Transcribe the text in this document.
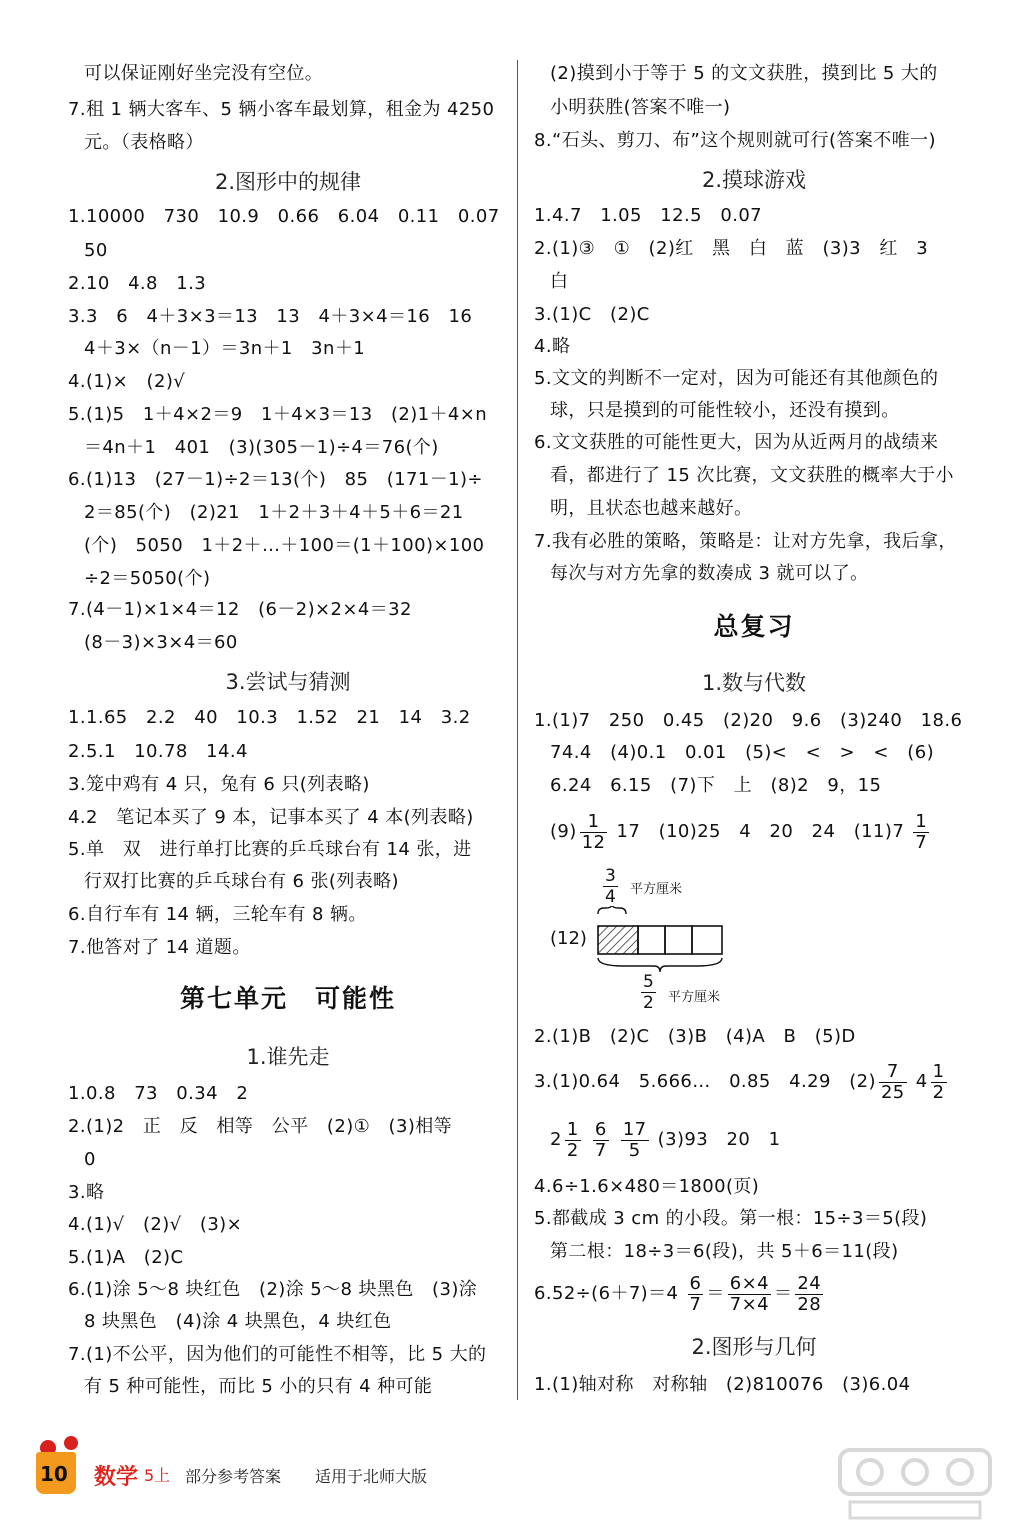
可以保证刚好坐完没有空位。
7.租 1 辆大客车、5 辆小客车最划算，租金为 4250
元。（表格略）
2.图形中的规律
1.10000　730　10.9　0.66　6.04　0.11　0.07
50
2.10　4.8　1.3
3.3　6　4＋3×3＝13　13　4＋3×4＝16　16
4＋3×（n－1）＝3n＋1　3n＋1
4.(1)×　(2)√
5.(1)5　1＋4×2＝9　1＋4×3＝13　(2)1＋4×n
＝4n＋1　401　(3)(305－1)÷4＝76(个)
6.(1)13　(27－1)÷2＝13(个)　85　(171－1)÷
2＝85(个)　(2)21　1＋2＋3＋4＋5＋6＝21
(个)　5050　1＋2＋…＋100＝(1＋100)×100
÷2＝5050(个)
7.(4－1)×1×4＝12　(6－2)×2×4＝32
(8－3)×3×4＝60
3.尝试与猜测
1.1.65　2.2　40　10.3　1.52　21　14　3.2
2.5.1　10.78　14.4
3.笼中鸡有 4 只，兔有 6 只(列表略)
4.2　笔记本买了 9 本，记事本买了 4 本(列表略)
5.单　双　进行单打比赛的乒乓球台有 14 张，进
行双打比赛的乒乓球台有 6 张(列表略)
6.自行车有 14 辆，三轮车有 8 辆。
7.他答对了 14 道题。
第七单元　可能性
1.谁先走
1.0.8　73　0.34　2
2.(1)2　正　反　相等　公平　(2)①　(3)相等
0
3.略
4.(1)√　(2)√　(3)×
5.(1)A　(2)C
6.(1)涂 5～8 块红色　(2)涂 5～8 块黑色　(3)涂
8 块黑色　(4)涂 4 块黑色，4 块红色
7.(1)不公平，因为他们的可能性不相等，比 5 大的
有 5 种可能性，而比 5 小的只有 4 种可能
(2)摸到小于等于 5 的文文获胜，摸到比 5 大的
小明获胜(答案不唯一)
8.“石头、剪刀、布”这个规则就可行(答案不唯一)
2.摸球游戏
1.4.7　1.05　12.5　0.07
2.(1)③　①　(2)红　黑　白　蓝　(3)3　红　3
白
3.(1)C　(2)C
4.略
5.文文的判断不一定对，因为可能还有其他颜色的
球，只是摸到的可能性较小，还没有摸到。
6.文文获胜的可能性更大，因为从近两月的战绩来
看，都进行了 15 次比赛，文文获胜的概率大于小
明，且状态也越来越好。
7.我有必胜的策略，策略是：让对方先拿，我后拿，
每次与对方先拿的数凑成 3 就可以了。
总复习
1.数与代数
1.(1)7　250　0.45　(2)20　9.6　(3)240　18.6
74.4　(4)0.1　0.01　(5)<　<　>　<　(6)
6.24　6.15　(7)下　上　(8)2　9，15
$(9) \frac{1}{12} 17$　(10)25　4　20　24　$(11)7 \frac{1}{7}$
$\frac{3}{4}$ 平方厘米
(12)
$\frac{5}{2}$ 平方厘米
2.(1)B　(2)C　(3)B　(4)A　B　(5)D
3.(1)0.64　5.666…　0.85　4.29　$(2) \frac{7}{25} 4 \frac{1}{2}$
$2 \frac{1}{2}$
$\frac{6}{7}$
$\frac{17}{5} (3)93$　20　1
4.6÷1.6×480＝1800(页)
5.都截成 3 cm 的小段。第一根：15÷3＝5(段)
第二根：18÷3＝6(段)，共 5＋6＝11(段)
$6.52\div(6+7)=4 \frac{6}{7} = \frac{6\times 4}{7\times 4} = \frac{24}{28}$
2.图形与几何
1.(1)轴对称　对称轴　(2)810076　(3)6.04
10 数学 5上 部分参考答案 适用于北师大版
